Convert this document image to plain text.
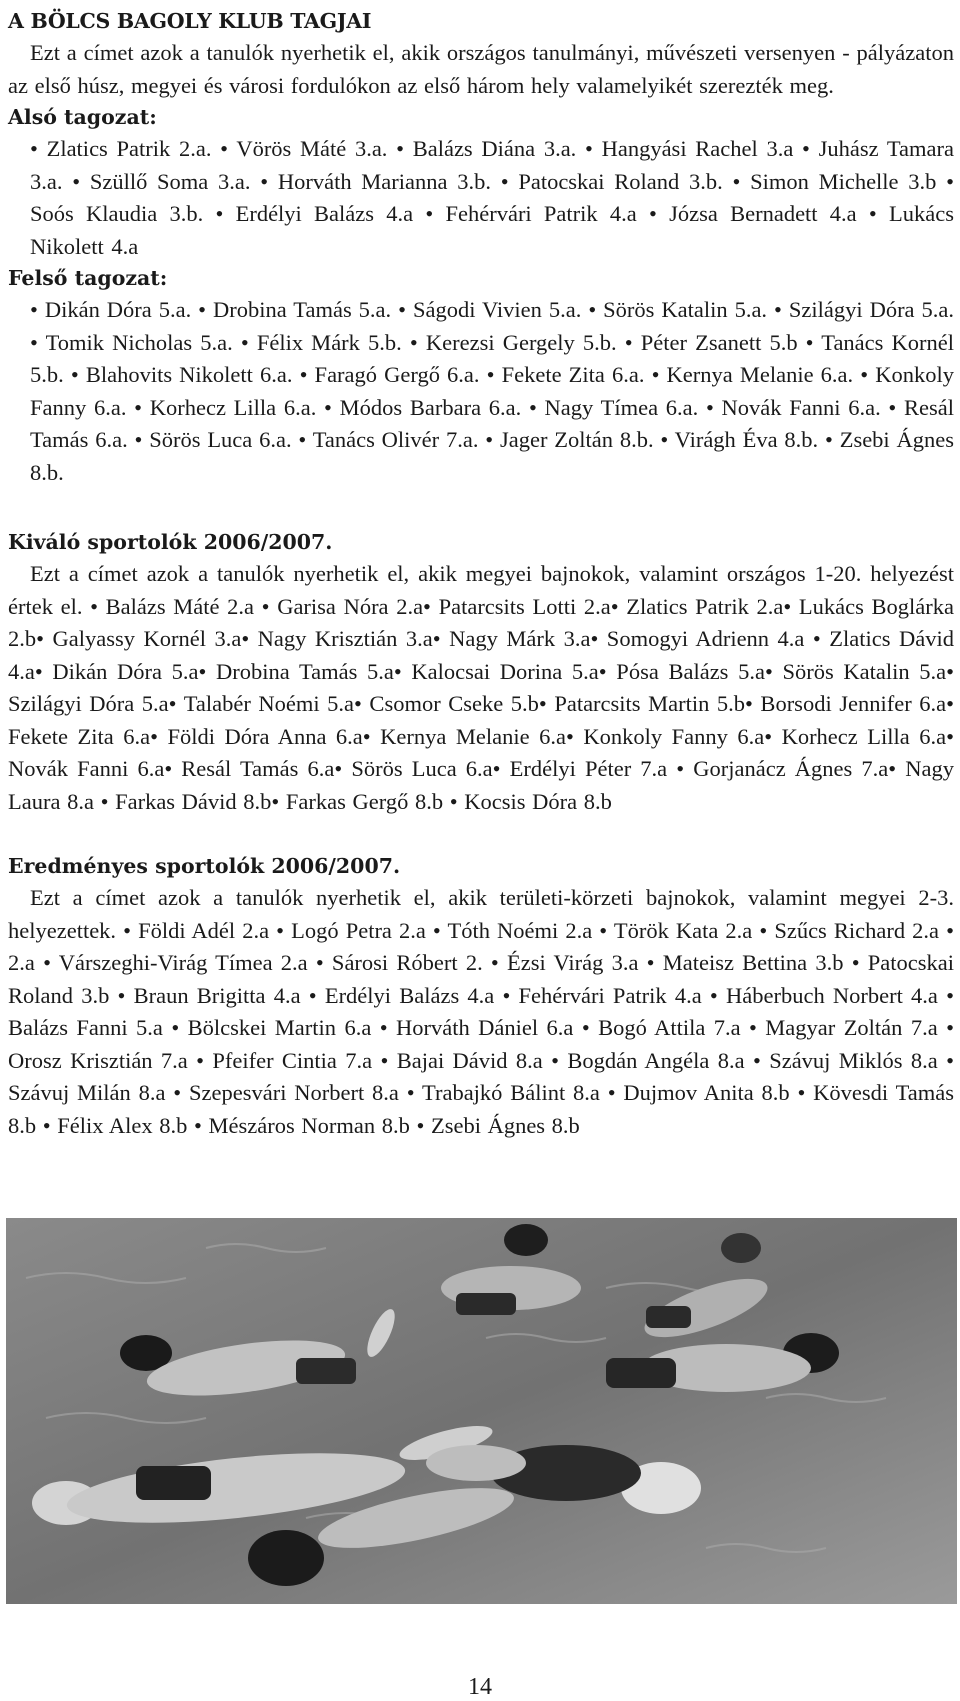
A BÖLCS BAGOLY KLUB TAGJAI

Ezt a címet azok a tanulók nyerhetik el, akik országos tanulmányi, művészeti versenyen - pályázaton az első húsz, megyei és városi fordulókon az első három hely valamelyikét szerezték meg.

Alsó tagozat:

• Zlatics Patrik 2.a. • Vörös Máté 3.a. • Balázs Diána 3.a. • Hangyási Rachel 3.a • Juhász Tamara 3.a. • Szüllő Soma 3.a. • Horváth Marianna 3.b. • Patocskai Roland 3.b. • Simon Michelle 3.b • Soós Klaudia 3.b. • Erdélyi Balázs 4.a • Fehérvári Patrik 4.a • Józsa Bernadett 4.a • Lukács Nikolett 4.a

Felső tagozat:

• Dikán Dóra 5.a. • Drobina Tamás 5.a. • Ságodi Vivien 5.a. • Sörös Katalin 5.a. • Szilágyi Dóra 5.a. • Tomik Nicholas 5.a. • Félix Márk 5.b. • Kerezsi Gergely 5.b. • Péter Zsanett 5.b • Tanács Kornél 5.b. • Blahovits Nikolett 6.a. • Faragó Gergő 6.a. • Fekete Zita 6.a. • Kernya Melanie 6.a. • Konkoly Fanny 6.a. • Korhecz Lilla 6.a. • Módos Barbara 6.a. • Nagy Tímea 6.a. • Novák Fanni 6.a. • Resál Tamás 6.a. • Sörös Luca 6.a. • Tanács Olivér 7.a. • Jager Zoltán 8.b. • Virágh Éva 8.b. • Zsebi Ágnes 8.b.

Kiváló sportolók 2006/2007.

Ezt a címet azok a tanulók nyerhetik el, akik megyei bajnokok, valamint országos 1-20. helyezést értek el. • Balázs Máté 2.a • Garisa Nóra 2.a• Patarcsits Lotti 2.a• Zlatics Patrik 2.a• Lukács Boglárka 2.b• Galyassy Kornél 3.a• Nagy Krisztián 3.a• Nagy Márk 3.a• Somogyi Adrienn 4.a • Zlatics Dávid 4.a• Dikán Dóra 5.a• Drobina Tamás 5.a• Kalocsai Dorina 5.a• Pósa Balázs 5.a• Sörös Katalin 5.a• Szilágyi Dóra 5.a• Talabér Noémi 5.a• Csomor Cseke 5.b• Patarcsits Martin 5.b• Borsodi Jennifer 6.a• Fekete Zita 6.a• Földi Dóra Anna 6.a• Kernya Melanie 6.a• Konkoly Fanny 6.a• Korhecz Lilla 6.a• Novák Fanni 6.a• Resál Tamás 6.a• Sörös Luca 6.a• Erdélyi Péter 7.a • Gorjanácz Ágnes 7.a• Nagy Laura 8.a • Farkas Dávid 8.b• Farkas Gergő 8.b • Kocsis Dóra 8.b

Eredményes sportolók 2006/2007.

Ezt a címet azok a tanulók nyerhetik el, akik területi-körzeti bajnokok, valamint megyei 2-3. helyezettek. • Földi Adél 2.a • Logó Petra 2.a • Tóth Noémi 2.a • Török Kata 2.a • Szűcs Richard 2.a • 2.a • Várszeghi-Virág Tímea 2.a • Sárosi Róbert 2. • Ézsi Virág 3.a • Mateisz Bettina 3.b • Patocskai Roland 3.b • Braun Brigitta 4.a • Erdélyi Balázs 4.a • Fehérvári Patrik 4.a • Háberbuch Norbert 4.a • Balázs Fanni 5.a • Bölcskei Martin 6.a • Horváth Dániel 6.a • Bogó Attila 7.a • Magyar Zoltán 7.a • Orosz Krisztián 7.a • Pfeifer Cintia 7.a • Bajai Dávid 8.a • Bogdán Angéla 8.a • Szávuj Miklós 8.a • Szávuj Milán 8.a • Szepesvári Norbert 8.a • Trabajkó Bálint 8.a • Dujmov Anita 8.b • Kövesdi Tamás 8.b • Félix Alex 8.b • Mészáros Norman 8.b • Zsebi Ágnes 8.b

14
